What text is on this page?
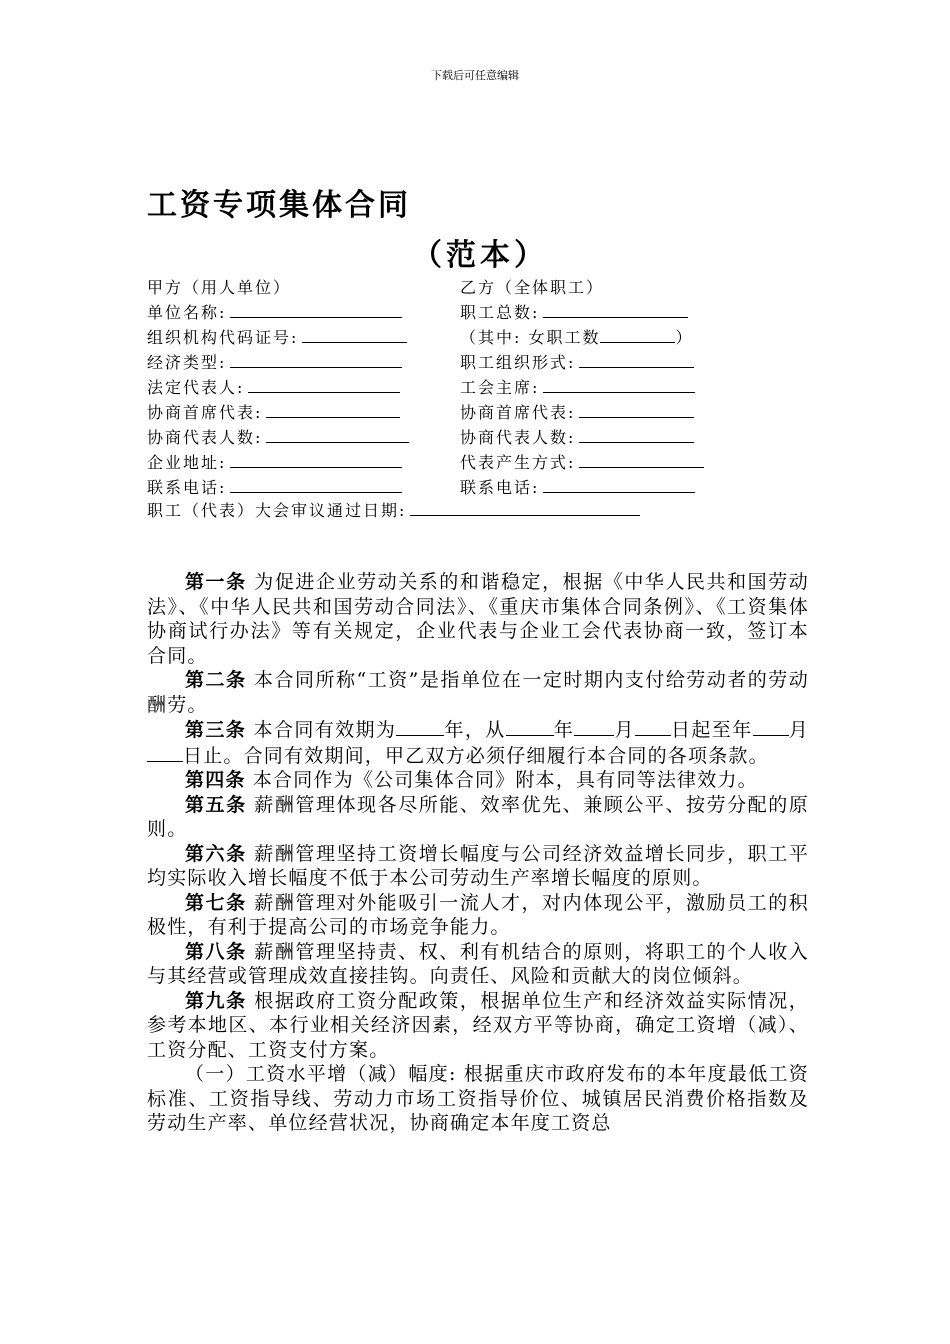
下载后可任意编辑
工资专项集体合同
（范本）
甲方（用人单位）	乙方（全体职工）
单位名称:	职工总数:
组织机构代码证号:	（其中: 女职工数	）
经济类型:	职工组织形式:
法定代表人:	工会主席:
协商首席代表:	协商首席代表:
协商代表人数:	协商代表人数:
企业地址:	代表产生方式:
联系电话:	联系电话:
职工（代表）大会审议通过日期:

第一条 为促进企业劳动关系的和谐稳定，根据《中华人民共和国劳动法》、《中华人民共和国劳动合同法》、《重庆市集体合同条例》、《工资集体协商试行办法》等有关规定，企业代表与企业工会代表协商一致，签订本合同。

第二条 本合同所称“工资”是指单位在一定时期内支付给劳动者的劳动酬劳。

第三条 本合同有效期为	年，从	年 月 日起至年 月日止。合同有效期间，甲乙双方必须仔细履行本合同的各项条款。

第四条 本合同作为《公司集体合同》附本，具有同等法律效力。

第五条 薪酬管理体现各尽所能、效率优先、兼顾公平、按劳分配的原则。

第六条 薪酬管理坚持工资增长幅度与公司经济效益增长同步，职工平均实际收入增长幅度不低于本公司劳动生产率增长幅度的原则。

第七条 薪酬管理对外能吸引一流人才，对内体现公平，激励员工的积极性，有利于提高公司的市场竞争能力。

第八条 薪酬管理坚持责、权、利有机结合的原则，将职工的个人收入与其经营或管理成效直接挂钩。向责任、风险和贡献大的岗位倾斜。

第九条 根据政府工资分配政策，根据单位生产和经济效益实际情况，参考本地区、本行业相关经济因素，经双方平等协商，确定工资增（减）、工资分配、工资支付方案。

（一）工资水平增（减）幅度: 根据重庆市政府发布的本年度最低工资标准、工资指导线、劳动力市场工资指导价位、城镇居民消费价格指数及劳动生产率、单位经营状况，协商确定本年度工资总
